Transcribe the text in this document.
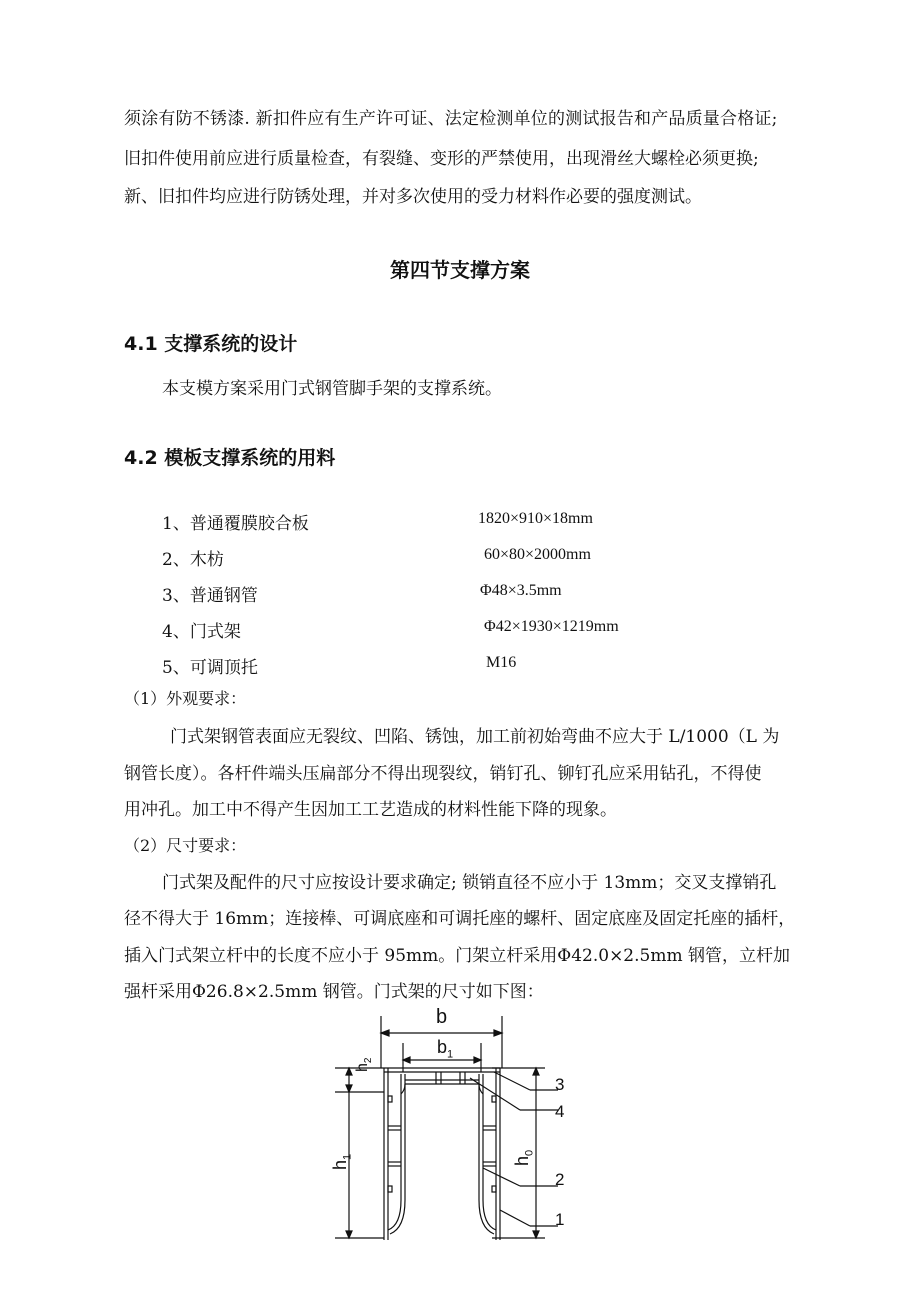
须涂有防不锈漆. 新扣件应有生产许可证、法定检测单位的测试报告和产品质量合格证;
旧扣件使用前应进行质量检查，有裂缝、变形的严禁使用，出现滑丝大螺栓必须更换;
新、旧扣件均应进行防锈处理，并对多次使用的受力材料作必要的强度测试。
第四节支撑方案
4.1 支撑系统的设计
本支模方案采用门式钢管脚手架的支撑系统。
4.2 模板支撑系统的用料
1、普通覆膜胶合板	1820×910×18mm
2、木枋	60×80×2000mm
3、普通钢管	Φ48×3.5mm
4、门式架	Φ42×1930×1219mm
5、可调顶托	M16
（1）外观要求：
门式架钢管表面应无裂纹、凹陷、锈蚀，加工前初始弯曲不应大于 L/1000（L 为
钢管长度）。各杆件端头压扁部分不得出现裂纹，销钉孔、铆钉孔应采用钻孔，不得使
用冲孔。加工中不得产生因加工工艺造成的材料性能下降的现象。
（2）尺寸要求：
门式架及配件的尺寸应按设计要求确定; 锁销直径不应小于 13mm；交叉支撑销孔
径不得大于 16mm；连接棒、可调底座和可调托座的螺杆、固定底座及固定托座的插杆，
插入门式架立杆中的长度不应小于 95mm。门架立杆采用Φ42.0×2.5mm 钢管，立杆加
强杆采用Φ26.8×2.5mm 钢管。门式架的尺寸如下图：
b
$b_1$
$h_2$
$h_1$	$h_0$
3
4
2
1
